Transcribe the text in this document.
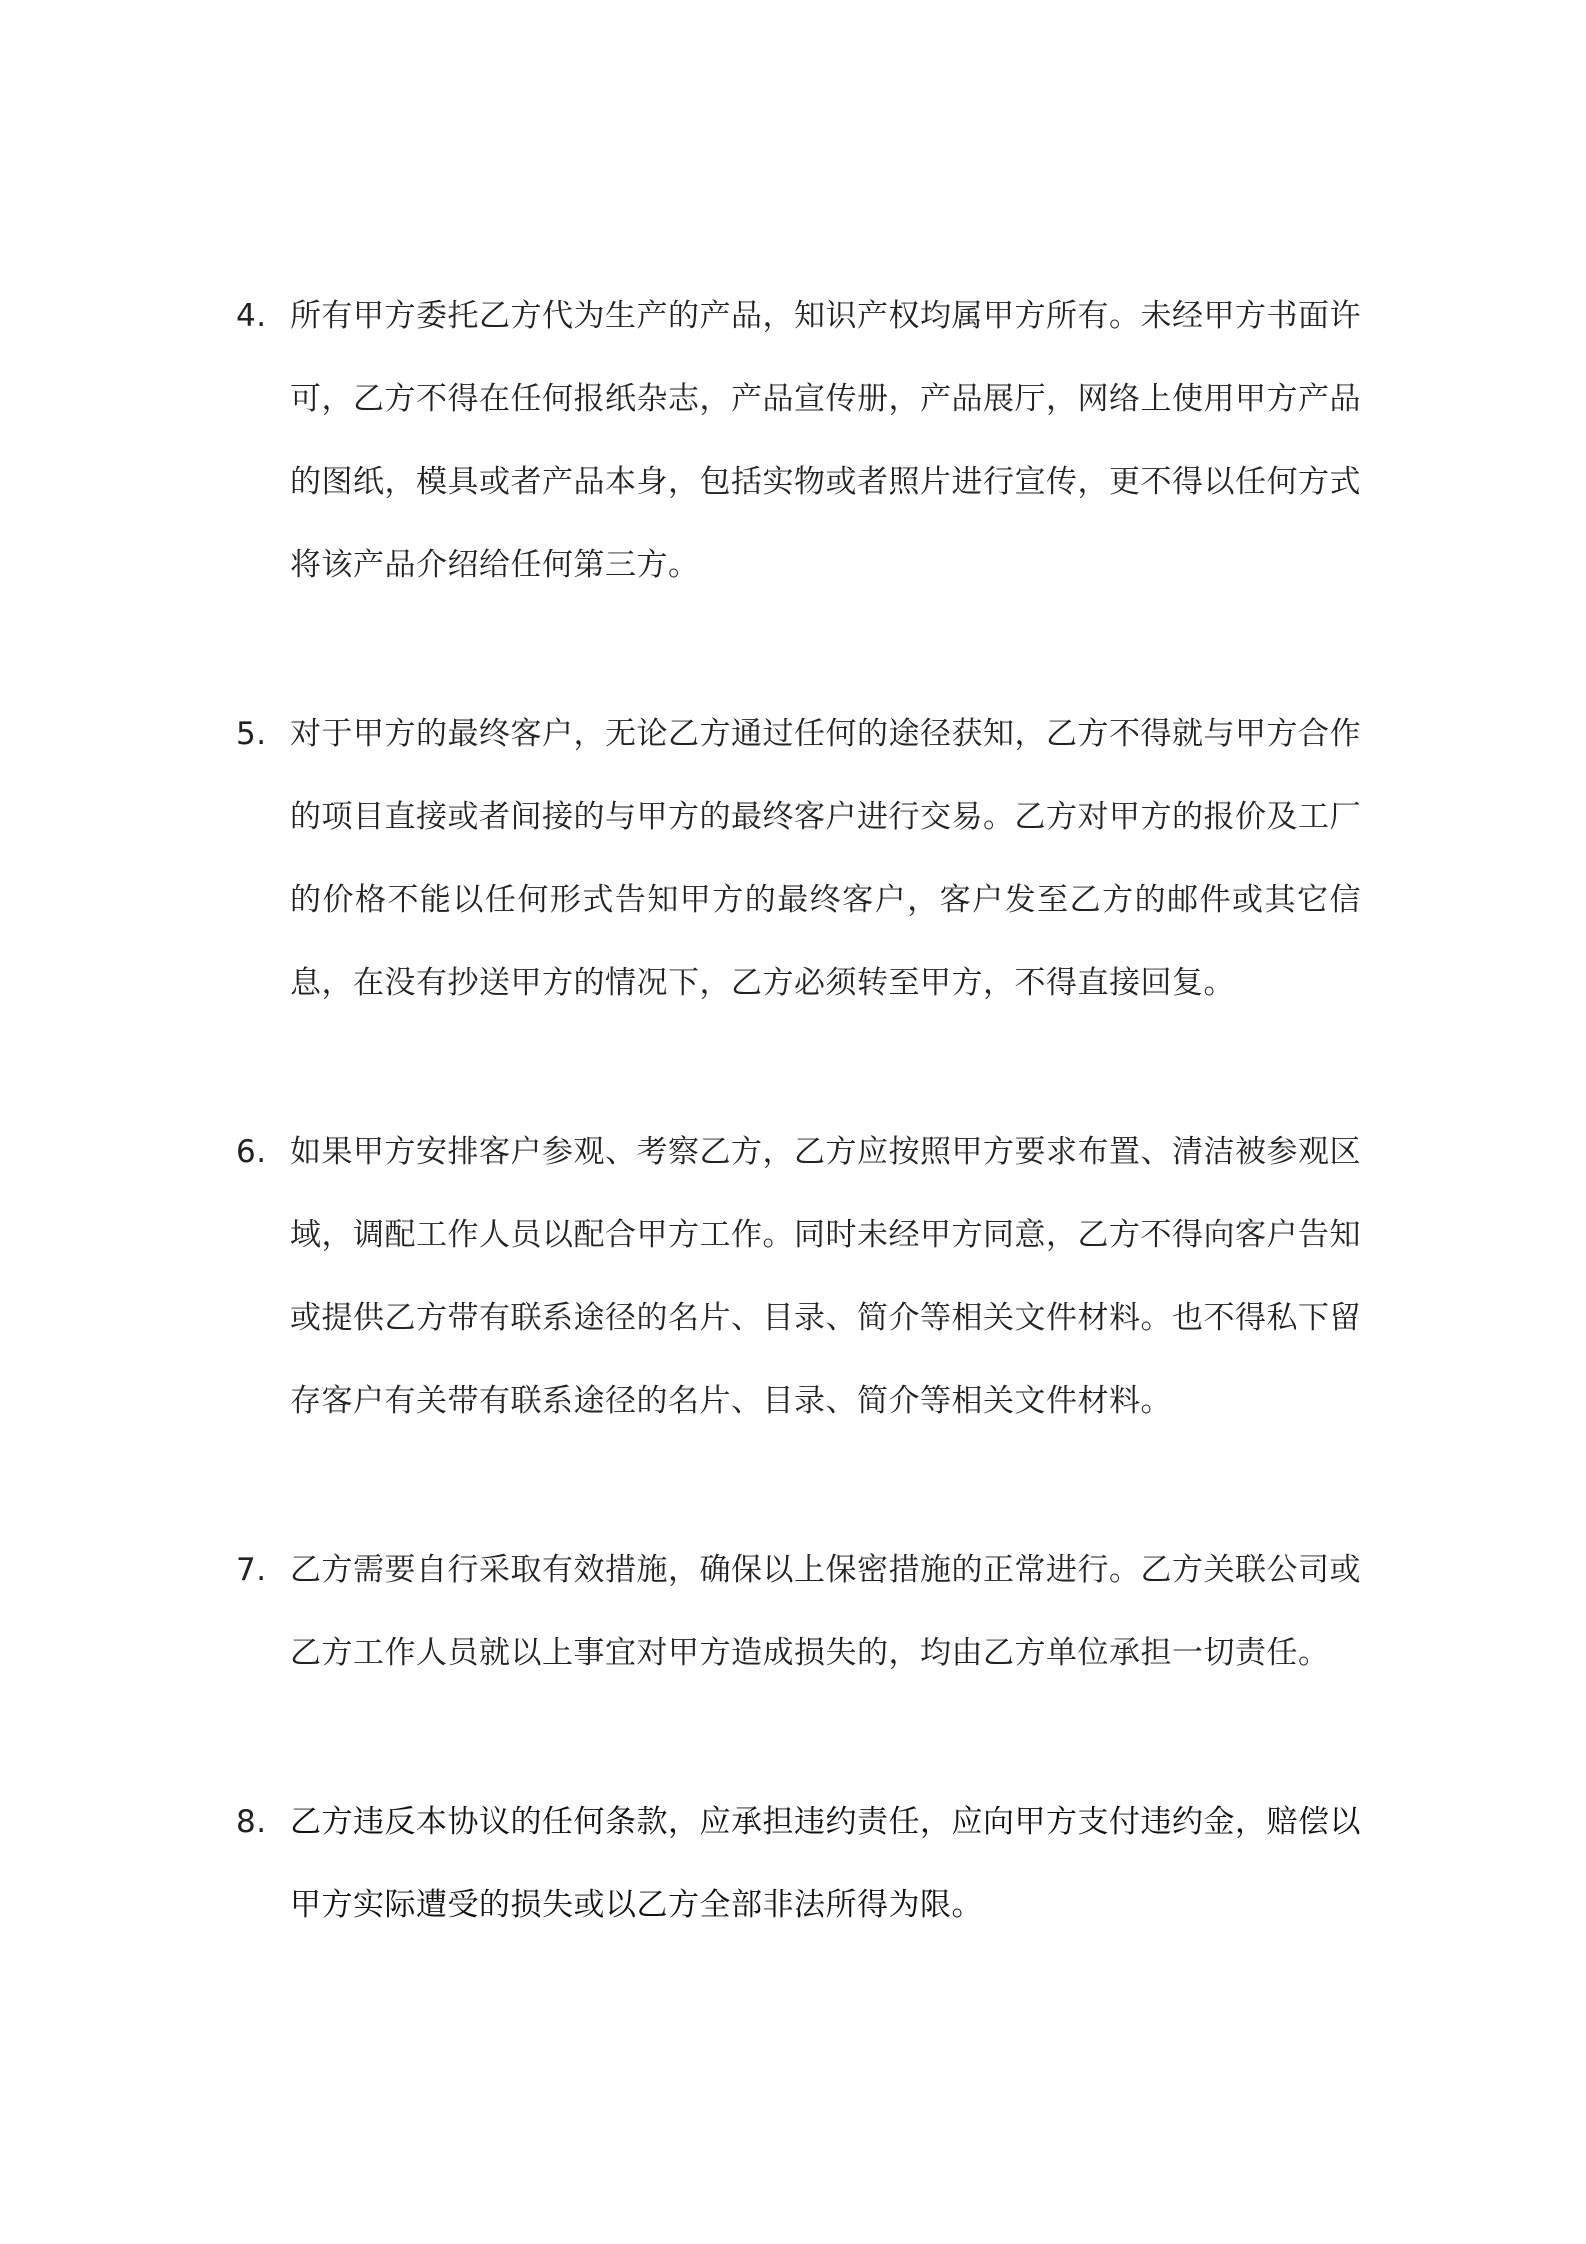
4. 所有甲方委托乙方代为生产的产品，知识产权均属甲方所有。未经甲方书面许可，乙方不得在任何报纸杂志，产品宣传册，产品展厅，网络上使用甲方产品的图纸，模具或者产品本身，包括实物或者照片进行宣传，更不得以任何方式将该产品介绍给任何第三方。
5. 对于甲方的最终客户，无论乙方通过任何的途径获知，乙方不得就与甲方合作的项目直接或者间接的与甲方的最终客户进行交易。乙方对甲方的报价及工厂的价格不能以任何形式告知甲方的最终客户，客户发至乙方的邮件或其它信息，在没有抄送甲方的情况下，乙方必须转至甲方，不得直接回复。
6. 如果甲方安排客户参观、考察乙方，乙方应按照甲方要求布置、清洁被参观区域，调配工作人员以配合甲方工作。同时未经甲方同意，乙方不得向客户告知或提供乙方带有联系途径的名片、目录、简介等相关文件材料。也不得私下留存客户有关带有联系途径的名片、目录、简介等相关文件材料。
7. 乙方需要自行采取有效措施，确保以上保密措施的正常进行。乙方关联公司或乙方工作人员就以上事宜对甲方造成损失的，均由乙方单位承担一切责任。
8. 乙方违反本协议的任何条款，应承担违约责任，应向甲方支付违约金，赔偿以甲方实际遭受的损失或以乙方全部非法所得为限。
